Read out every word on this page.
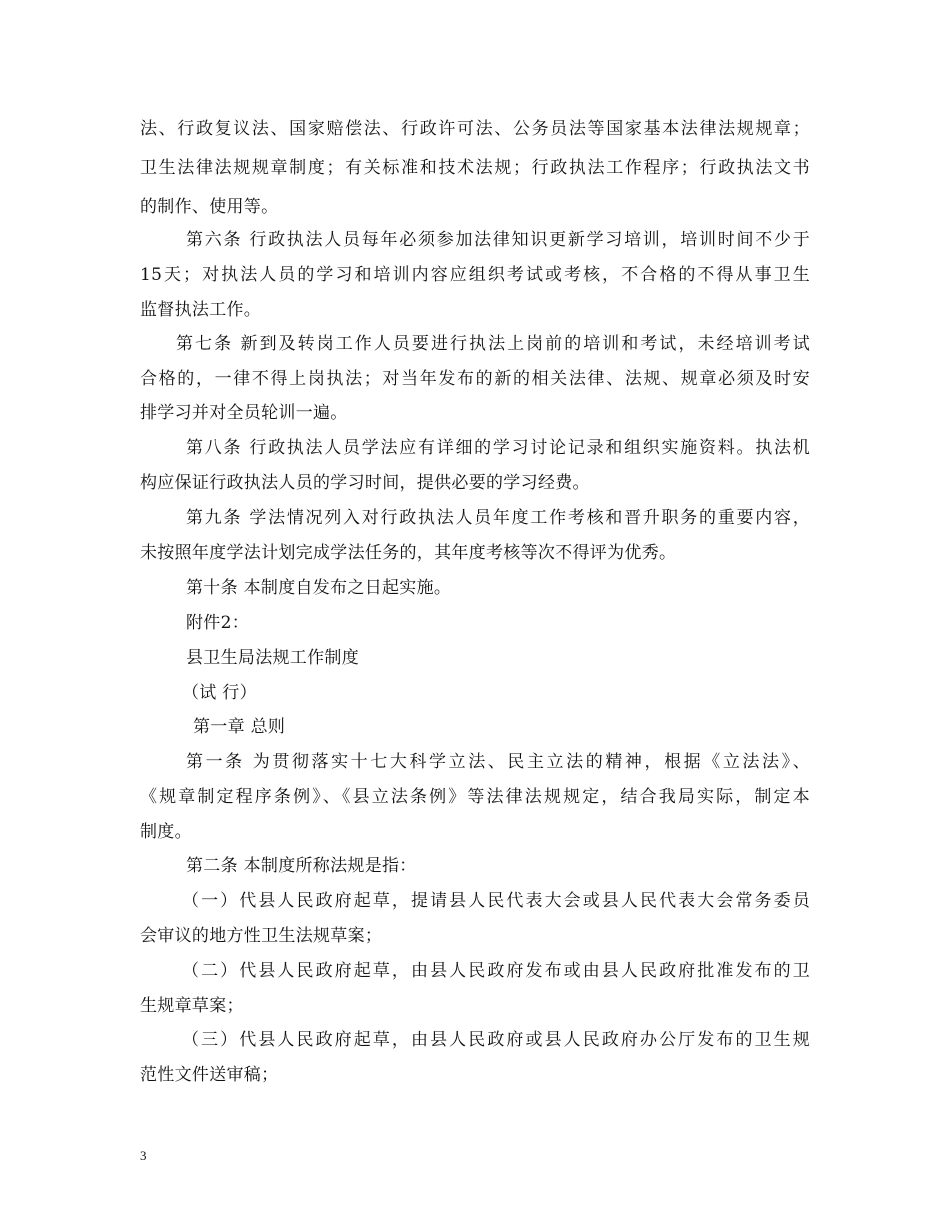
法、行政复议法、国家赔偿法、行政许可法、公务员法等国家基本法律法规规章；
卫生法律法规规章制度；有关标准和技术法规；行政执法工作程序；行政执法文书
的制作、使用等。
第六条 行政执法人员每年必须参加法律知识更新学习培训，培训时间不少于
15天；对执法人员的学习和培训内容应组织考试或考核，不合格的不得从事卫生
监督执法工作。
第七条 新到及转岗工作人员要进行执法上岗前的培训和考试，未经培训考试
合格的，一律不得上岗执法；对当年发布的新的相关法律、法规、规章必须及时安
排学习并对全员轮训一遍。
第八条 行政执法人员学法应有详细的学习讨论记录和组织实施资料。执法机
构应保证行政执法人员的学习时间，提供必要的学习经费。
第九条 学法情况列入对行政执法人员年度工作考核和晋升职务的重要内容，
未按照年度学法计划完成学法任务的，其年度考核等次不得评为优秀。
第十条 本制度自发布之日起实施。
附件2：
县卫生局法规工作制度
（试 行）
第一章 总则
第一条 为贯彻落实十七大科学立法、民主立法的精神，根据《立法法》、
《规章制定程序条例》、《县立法条例》等法律法规规定，结合我局实际，制定本
制度。
第二条 本制度所称法规是指：
（一）代县人民政府起草，提请县人民代表大会或县人民代表大会常务委员
会审议的地方性卫生法规草案；
（二）代县人民政府起草，由县人民政府发布或由县人民政府批准发布的卫
生规章草案；
（三）代县人民政府起草，由县人民政府或县人民政府办公厅发布的卫生规
范性文件送审稿；
3
